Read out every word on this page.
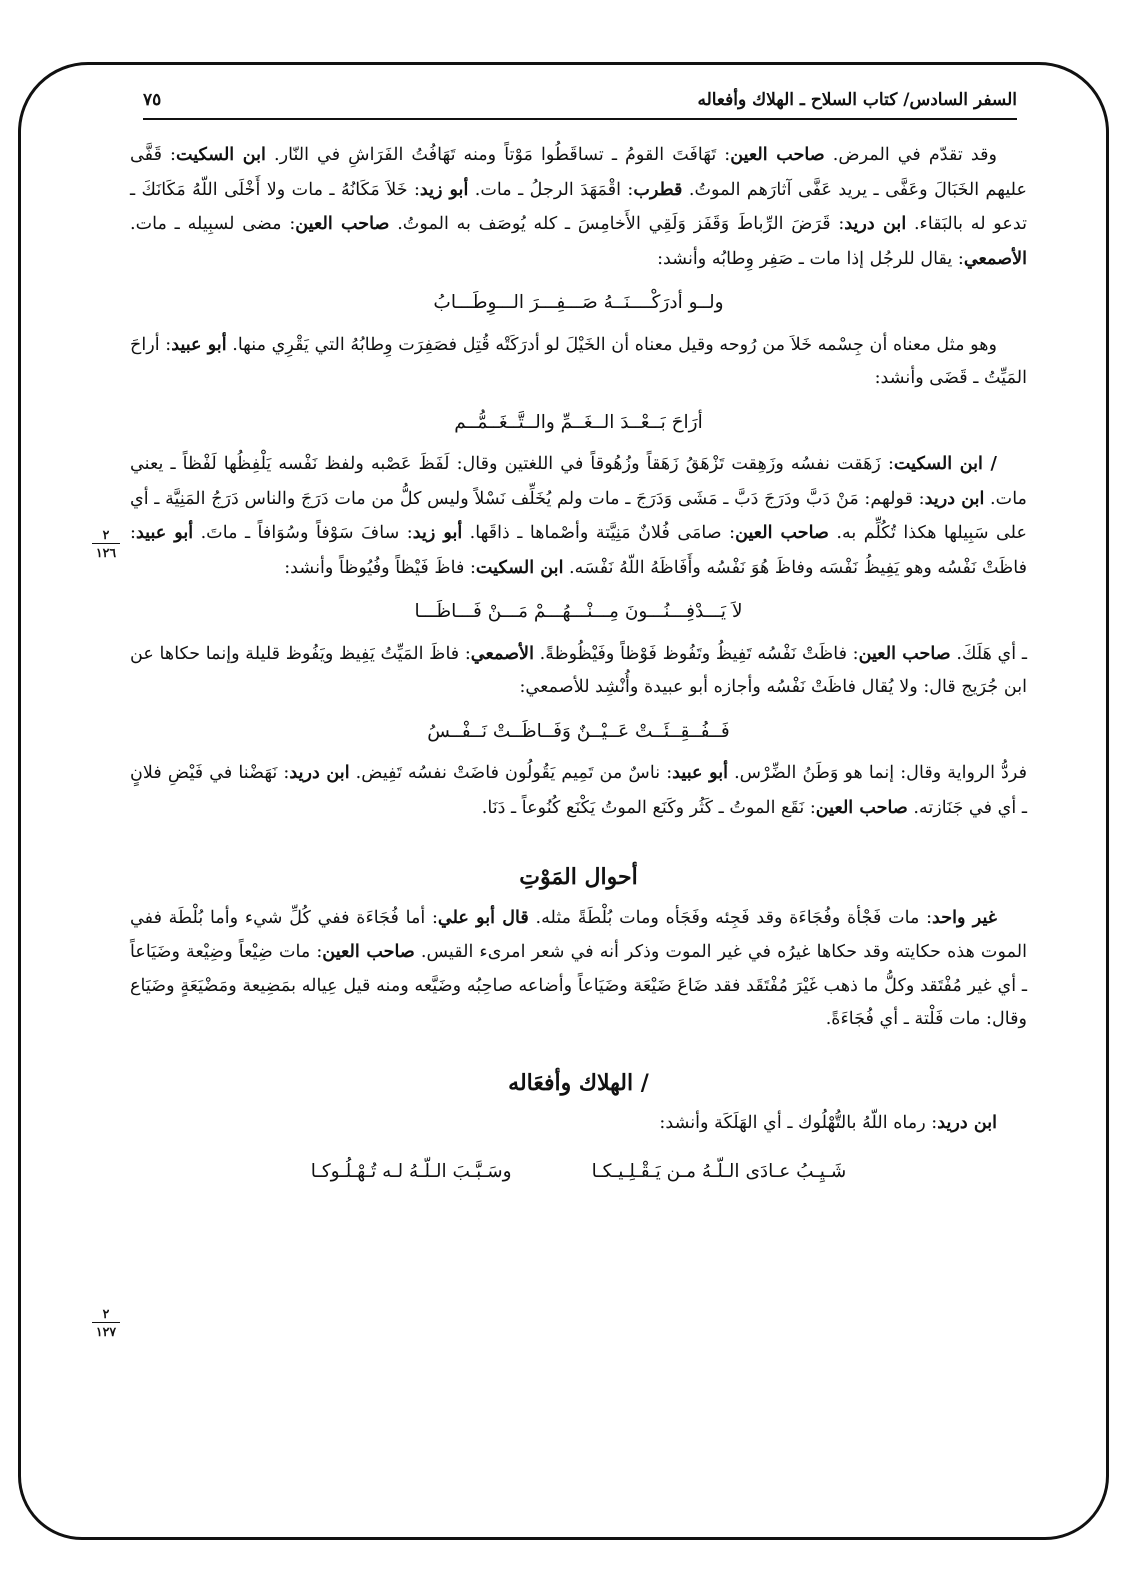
السفر السادس/ كتاب السلاح ـ الهلاك وأفعاله
٧٥
٢
١٢٦
٢
١٢٧

وقد تقدّم في المرض. صاحب العين: تَهَافَتَ القومُ ـ تساقَطُوا مَوْتاً ومنه تَهَافُتُ الفَرَاشِ في النّار. ابن السكيت: قَفَّى عليهم الخَبَالَ وعَفَّى ـ يريد عَفَّى آثارَهم الموتُ. قطرب: اقْمَهَدَ الرجلُ ـ مات. أبو زيد: خَلاَ مَكَانُهُ ـ مات ولا أَخْلَى اللّهُ مَكَانَكَ ـ تدعو له بالبَقاء. ابن دريد: قَرَضَ الرِّباطَ وَقَفَز وَلَقِي الأَخامِسَ ـ كله يُوصَف به الموتُ. صاحب العين: مضى لسبِيله ـ مات. الأصمعي: يقال للرجُل إذا مات ـ صَفِر وِطابُه وأنشد:

ولــو أدرَكْــــنَــهُ صَـــفِـــرَ الـــوِطَـــابُ

وهو مثل معناه أن جِسْمه خَلاَ من رُوحه وقيل معناه أن الخَيْلَ لو أدرَكَتْه قُتِل فصَفِرَت وِطابُهُ التي يَقْرِي منها. أبو عبيد: أراحَ المَيِّتُ ـ قَضَى وأنشد:

أرَاحَ بَــعْــدَ الــغَــمِّ والــتَّــغَــمُّــم

/ ابن السكيت: زَهَقت نفسُه وزَهِقت تَزْهَقُ زَهَقاً وزُهُوقاً في اللغتين وقال: لَفَظَ عَصْبه ولفظ نَفْسه يَلْفِظُها لَفْظاً ـ يعني مات. ابن دريد: قولهم: مَنْ دَبَّ ودَرَجَ دَبَّ ـ مَشَى وَدَرَجَ ـ مات ولم يُخَلِّف نَسْلاً وليس كلُّ من مات دَرَجَ والناس دَرَجُ المَنِيَّة ـ أي على سَبِيلها هكذا تُكُلِّم به. صاحب العين: صامَى فُلانٌ مَنِيَّتة وأصْماها ـ ذاقَها. أبو زيد: سافَ سَوْفاً وسُوَافاً ـ ماتَ. أبو عبيد: فاظَتْ نَفْسُه وهو يَفِيظُ نَفْسَه وفاظَ هُوَ نَفْسُه وأَفَاظَهُ اللّهُ نَفْسَه. ابن السكيت: فاظَ فَيْظاً وفُيُوظاً وأنشد:

لاَ يَـــدْفِـــنُـــونَ مِـــنْـــهُـــمْ مَـــنْ فَـــاظَـــا

ـ أي هَلَكَ. صاحب العين: فاظَتْ نَفْسُه تَفِيظُ وتَفُوظ فَوْظاً وفَيْظُوظةً. الأصمعي: فاظَ المَيِّتُ يَفِيظ ويَفُوظ قليلة وإنما حكاها عن ابن جُرَيج قال: ولا يُقال فاظَتْ نَفْسُه وأجازه أبو عبيدة وأُنْشِد للأصمعي:

فَــفُــقِــئَــتْ عَــيْــنٌ وَفَــاظَــتْ نَــفْــسُ

فردُّ الرواية وقال: إنما هو وَطَنُ الضِّرْس. أبو عبيد: ناسٌ من تَمِيم يَقُولُون فاضَتْ نفسُه تَفِيض. ابن دريد: نَهَضْنا في فَيْضِ فلانٍ ـ أي في جَنَازته. صاحب العين: نَقَع الموتُ ـ كَثُر وكَنَع الموتُ يَكْنَع كُنُوعاً ـ دَنَا.

أحوال المَوْتِ

غير واحد: مات فَجْأة وفُجَاءَة وقد فَجِئه وفَجَأه ومات بُلْطَةً مثله. قال أبو علي: أما فُجَاءَة ففي كُلِّ شيء وأما بُلْطَة ففي الموت هذه حكايته وقد حكاها غيرُه في غير الموت وذكر أنه في شعر امرىء القيس. صاحب العين: مات ضِيْعاً وضِيْعة وضَيَاعاً ـ أي غير مُفْتَقد وكلُّ ما ذهب غَيْرَ مُفْتَقَد فقد ضَاعَ ضَيْعَة وضَيَاعاً وأضاعه صاحِبُه وضَيَّعه ومنه قيل عِياله بمَضِيعة ومَضْيَعَةٍ وضَيَاع وقال: مات فَلْتة ـ أي فُجَاءَةً.

/ الهلاك وأفعَاله

ابن دريد: رماه اللّهُ بالتُّهْلُوك ـ أي الهَلَكَة وأنشد:

شَـيِـبُ عـادَى الـلّـهُ مـن يَـقْـلِـيـكـا
وسَـبَّـبَ الـلّـهُ لـه تُـهْـلُـوكـا
